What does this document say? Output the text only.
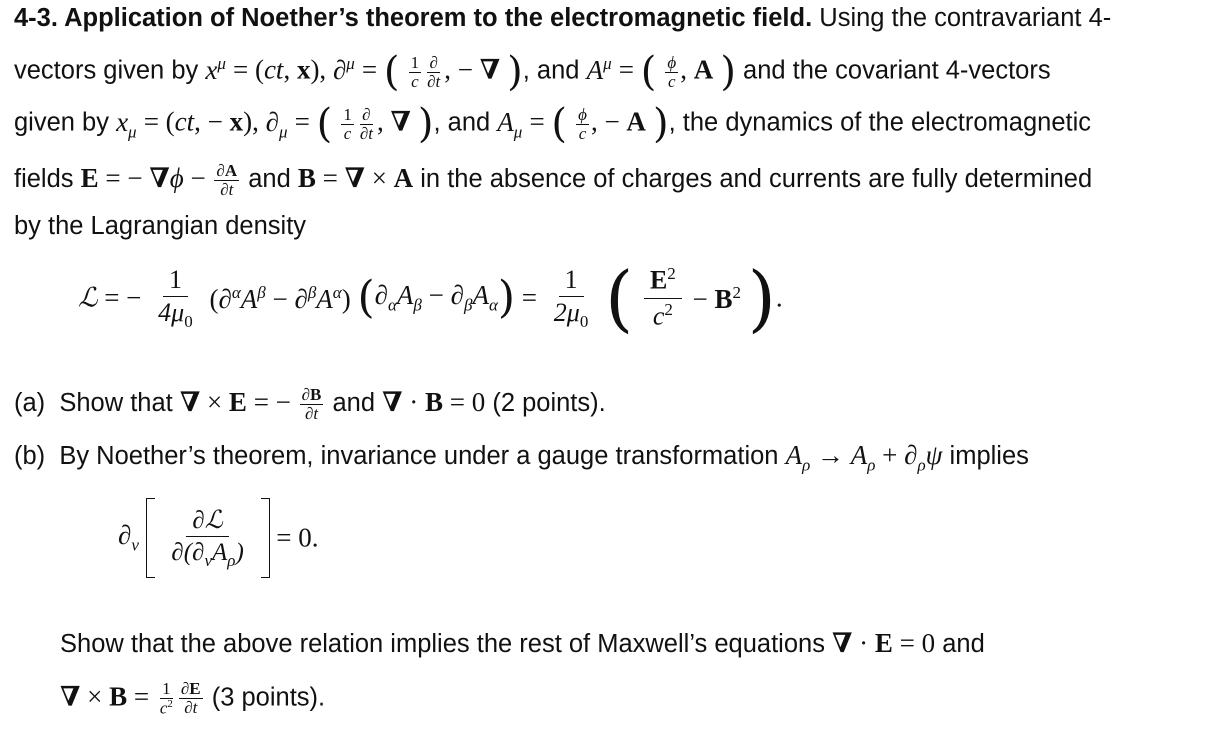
4-3. Application of Noether’s theorem to the electromagnetic field. Using the contravariant 4-
vectors given by $x^\mu = (ct$, x), ∂$^\mu$ = ( $\frac{1}{c} \frac{\partial}{\partial t}$ , − ∇ ), and $A^\mu$ = ( $\frac{\phi}{c}$ , A ) and the covariant 4-vectors
given by $x_\mu = (ct$, − x), $\partial_\mu$ = ( $\frac{1}{c} \frac{\partial}{\partial t}$ , ∇ ), and $A_\mu$ = ( $\frac{\phi}{c}$ , − A ), the dynamics of the electromagnetic
fields E = − $\nabla\phi - \frac{\partial A}{\partial t}$ and B = ∇ × A in the absence of charges and currents are fully determined
by the Lagrangian density
ℒ = − $\frac{1}{4\mu_0} (\partial^\alpha A^\beta - \partial^\beta A^\alpha) (\partial_\alpha A_\beta - \partial_\beta A_\alpha) = \frac{1}{2\mu_0}$ ( $\frac{E^2}{c^2} - B^2$ ).
(a) Show that ∇ × E = − $\frac{\partial B}{\partial t}$ and ∇ · B = 0 (2 points).
(b) By Noether’s theorem, invariance under a gauge transformation $A_\rho \to A_\rho + \partial_\rho\psi$ implies
$\partial_\nu \frac{\text{∂ℒ}}{\partial(\partial_\nu A_\rho)} = 0$.
Show that the above relation implies the rest of Maxwell’s equations ∇ · E = 0 and
∇ × $B = \frac{1}{c^2} \frac{\partial E}{\partial t} (3$ points).
